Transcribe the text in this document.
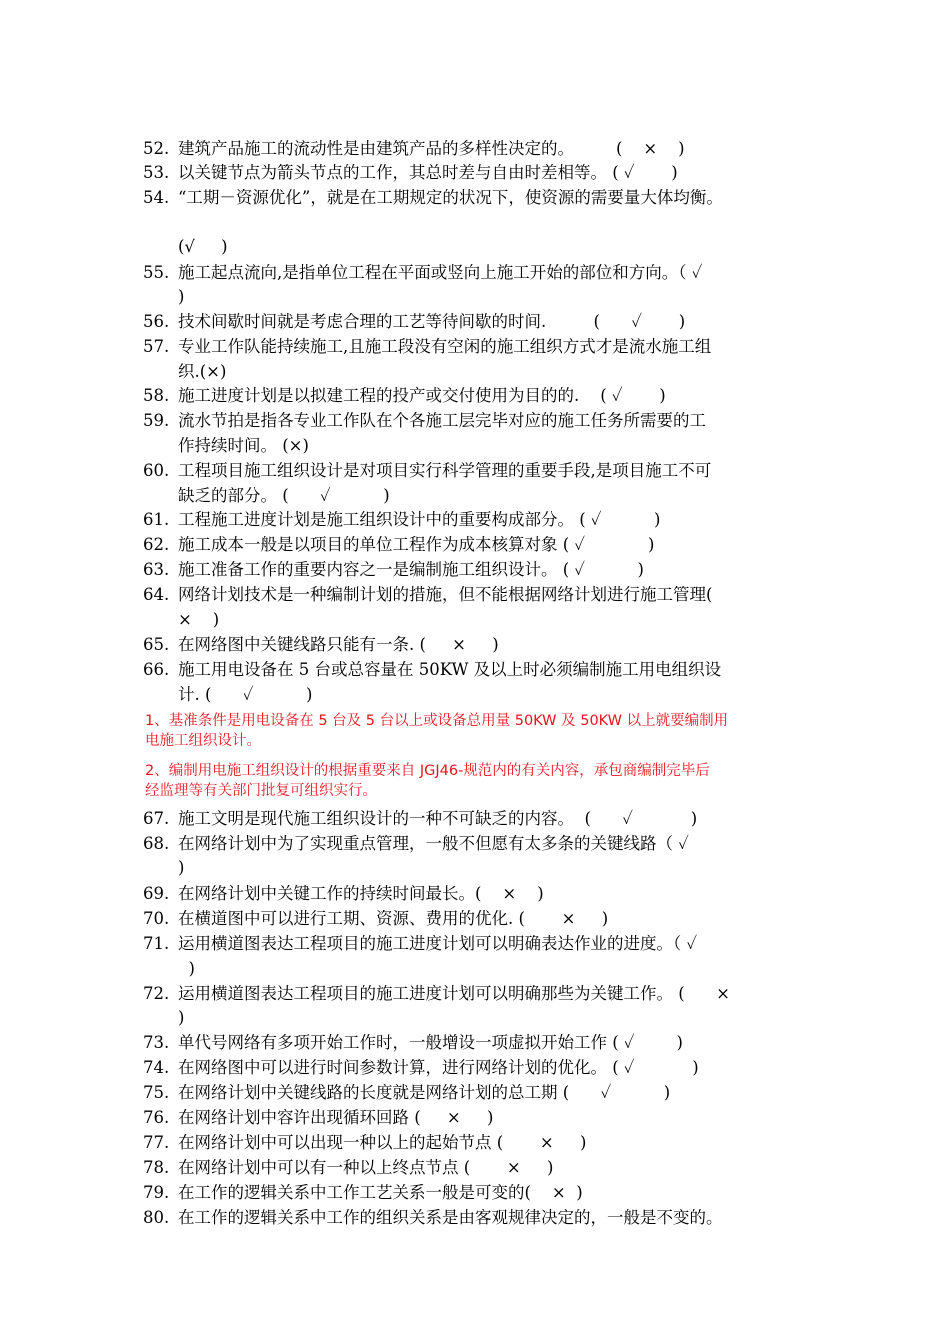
52. 建筑产品施工的流动性是由建筑产品的多样性决定的。        (    ×    )
53. 以关键节点为箭头节点的工作，其总时差与自由时差相等。 ( ✓       )
54. “工期－资源优化”，就是在工期规定的状况下，使资源的需要量大体均衡。
(√     )
55. 施工起点流向,是指单位工程在平面或竖向上施工开始的部位和方向。（ ✓
)
56. 技术间歇时间就是考虑合理的工艺等待间歇的时间.         (      ✓       )
57. 专业工作队能持续施工,且施工段没有空闲的施工组织方式才是流水施工组
织.(×)
58. 施工进度计划是以拟建工程的投产或交付使用为目的的.    ( ✓       )
59. 流水节拍是指各专业工作队在个各施工层完毕对应的施工任务所需要的工
作持续时间。 (×)
60. 工程项目施工组织设计是对项目实行科学管理的重要手段,是项目施工不可
缺乏的部分。 (      ✓          )
61. 工程施工进度计划是施工组织设计中的重要构成部分。 ( ✓          )
62. 施工成本一般是以项目的单位工程作为成本核算对象 ( ✓            )
63. 施工准备工作的重要内容之一是编制施工组织设计。 ( ✓          )
64. 网络计划技术是一种编制计划的措施，但不能根据网络计划进行施工管理(
×    )
65. 在网络图中关键线路只能有一条. (     ×     )
66. 施工用电设备在 5 台或总容量在 50KW 及以上时必须编制施工用电组织设
计. (      ✓          )
1、基准条件是用电设备在 5 台及 5 台以上或设备总用量 50KW 及 50KW 以上就要编制用
电施工组织设计。
2、编制用电施工组织设计的根据重要来自 JGJ46-规范内的有关内容，承包商编制完毕后
经监理等有关部门批复可组织实行。
67. 施工文明是现代施工组织设计的一种不可缺乏的内容。  (      ✓           )
68. 在网络计划中为了实现重点管理，一般不但愿有太多条的关键线路（ ✓
)
69. 在网络计划中关键工作的持续时间最长。(    ×    )
70. 在横道图中可以进行工期、资源、费用的优化. (       ×     )
71. 运用横道图表达工程项目的施工进度计划可以明确表达作业的进度。（ ✓
)
72. 运用横道图表达工程项目的施工进度计划可以明确那些为关键工作。 (      ×
)
73. 单代号网络有多项开始工作时，一般增设一项虚拟开始工作 ( ✓        )
74. 在网络图中可以进行时间参数计算，进行网络计划的优化。 ( ✓           )
75. 在网络计划中关键线路的长度就是网络计划的总工期 (      ✓          )
76. 在网络计划中容许出现循环回路 (     ×     )
77. 在网络计划中可以出现一种以上的起始节点 (       ×     )
78. 在网络计划中可以有一种以上终点节点 (       ×     )
79. 在工作的逻辑关系中工作工艺关系一般是可变的(    ×  )
80. 在工作的逻辑关系中工作的组织关系是由客观规律决定的，一般是不变的。
